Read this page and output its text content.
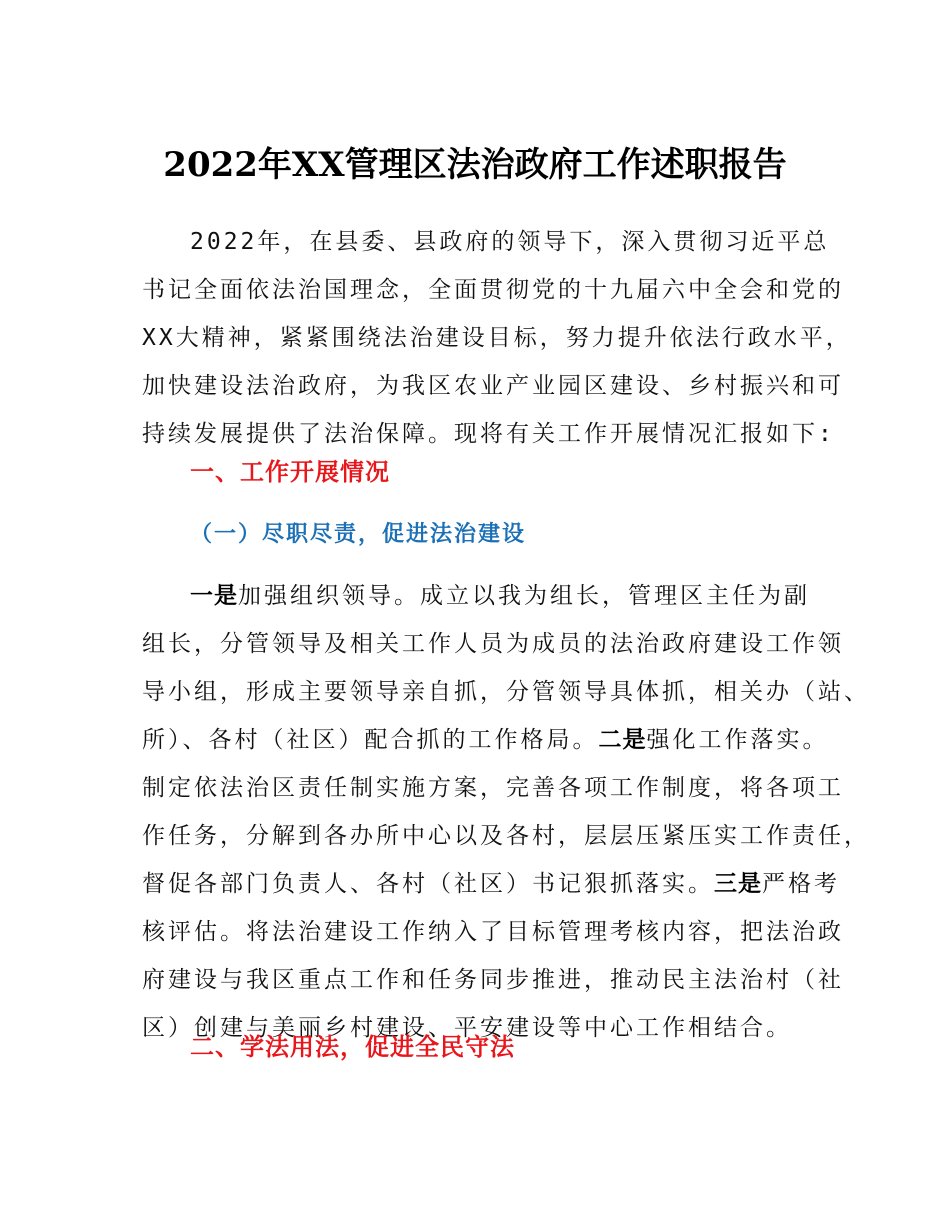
2022年XX管理区法治政府工作述职报告
2022年，在县委、县政府的领导下，深入贯彻习近平总
书记全面依法治国理念，全面贯彻党的十九届六中全会和党的
XX大精神，紧紧围绕法治建设目标，努力提升依法行政水平，
加快建设法治政府，为我区农业产业园区建设、乡村振兴和可
持续发展提供了法治保障。现将有关工作开展情况汇报如下:
一、工作开展情况
（一）尽职尽责，促进法治建设
一是加强组织领导。成立以我为组长，管理区主任为副
组长，分管领导及相关工作人员为成员的法治政府建设工作领
导小组，形成主要领导亲自抓，分管领导具体抓，相关办（站、
所）、各村（社区）配合抓的工作格局。二是强化工作落实。
制定依法治区责任制实施方案，完善各项工作制度，将各项工
作任务，分解到各办所中心以及各村，层层压紧压实工作责任，
督促各部门负责人、各村（社区）书记狠抓落实。三是严格考
核评估。将法治建设工作纳入了目标管理考核内容，把法治政
府建设与我区重点工作和任务同步推进，推动民主法治村（社
区）创建与美丽乡村建设、平安建设等中心工作相结合。
二、学法用法，促进全民守法
